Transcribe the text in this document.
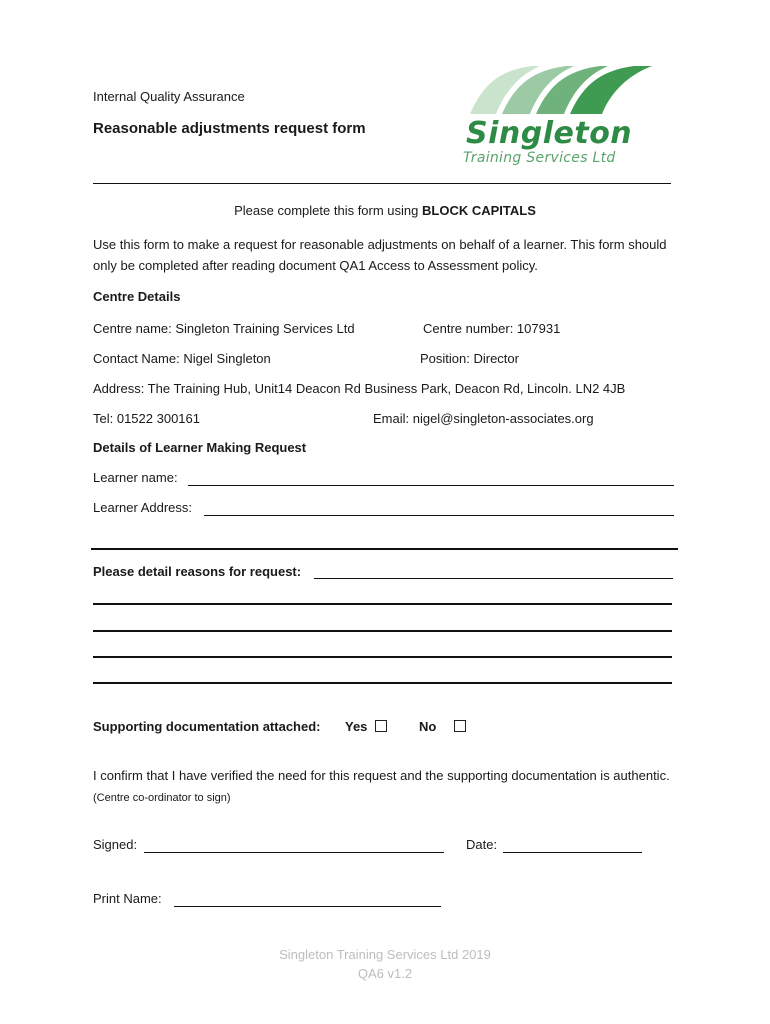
Internal Quality Assurance
Reasonable adjustments request form	Singleton
Training Services Ltd
Please complete this form using BLOCK CAPITALS
Use this form to make a request for reasonable adjustments on behalf of a learner. This form should only be completed after reading document QA1 Access to Assessment policy.
Centre Details
Centre name: Singleton Training Services Ltd	Centre number: 107931
Contact Name: Nigel Singleton	Position: Director
Address: The Training Hub, Unit14 Deacon Rd Business Park, Deacon Rd, Lincoln. LN2 4JB
Tel: 01522 300161	Email: nigel@singleton-associates.org
Details of Learner Making Request
Learner name:
Learner Address:
Please detail reasons for request:
Supporting documentation attached: Yes	No
I confirm that I have verified the need for this request and the supporting documentation is authentic. (Centre co-ordinator to sign)
Signed:	Date:
Print Name:
Singleton Training Services Ltd 2019
QA6 v1.2
